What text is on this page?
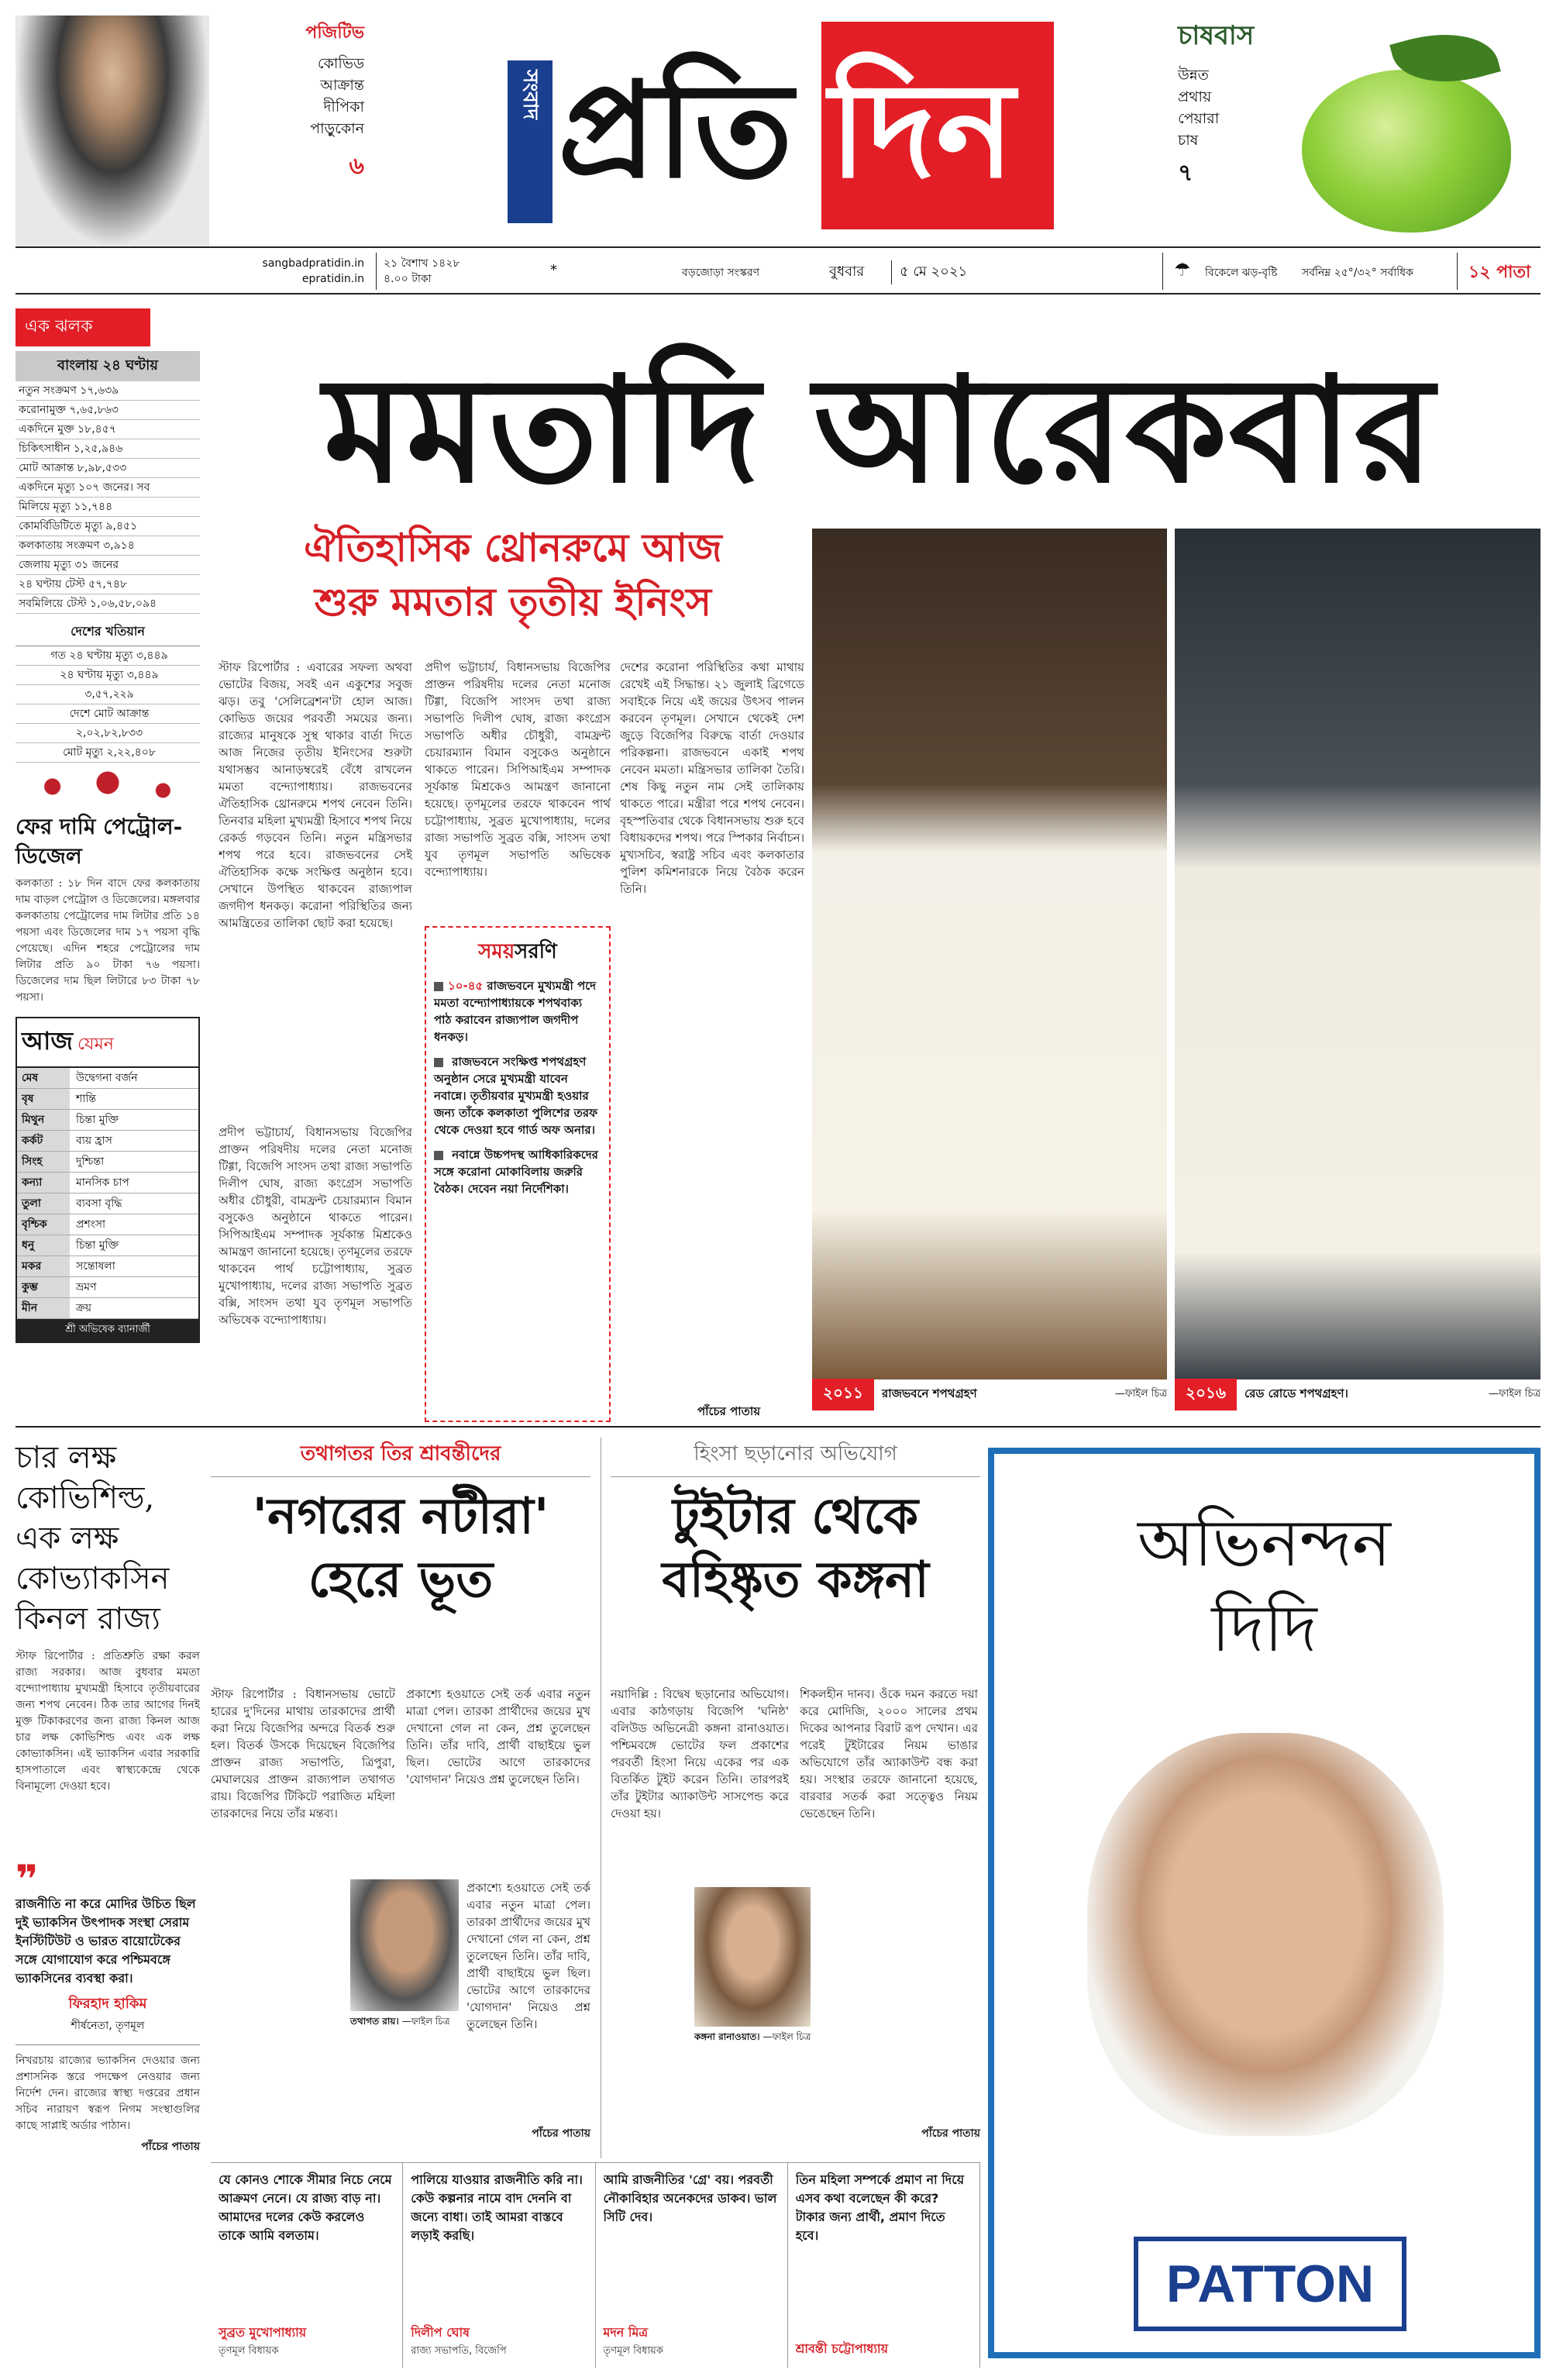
পজিটিভ
কোভিড আক্রান্ত দীপিকা পাড়ুকোন
৬
সংবাদ প্রতি দিন
চাষবাস
উন্নত প্রথায় পেয়ারা চাষ
৭
sangbadpratidin.in
epratidin.in
২১ বৈশাখ ১৪২৮
৪.০০ টাকা
*	বড়জোড়া সংস্করণ	বুধবার	৫ মে ২০২১	☂ বিকেলে ঝড়-বৃষ্টি সর্বনিম্ন ২৫°/৩২° সর্বাধিক	১২ পাতা
এক ঝলক
বাংলায় ২৪ ঘণ্টায়
নতুন সংক্রমণ ১৭,৬৩৯
করোনামুক্ত ৭,৬৫,৮৬৩
একদিনে মুক্ত ১৮,৪৫৭
চিকিৎসাধীন ১,২৫,৯৪৬
মোট আক্রান্ত ৮,৯৮,৫৩৩
একদিনে মৃত্যু ১০৭ জনের। সব
মিলিয়ে মৃত্যু ১১,৭৪৪
কোমর্বিডিটিতে মৃত্যু ৯,৪৫১
কলকাতায় সংক্রমণ ৩,৯১৪
জেলায় মৃত্যু ৩১ জনের
২৪ ঘণ্টায় টেস্ট ৫৭,৭৪৮
সবমিলিয়ে টেস্ট ১,০৬,৫৮,০৯৪
দেশের খতিয়ান
গত ২৪ ঘণ্টায় মৃত্যু ৩,৪৪৯
২৪ ঘণ্টায় মৃত্যু ৩,৪৪৯
৩,৫৭,২২৯
দেশে মোট আক্রান্ত
২,০২,৮২,৮৩৩
মোট মৃত্যু ২,২২,৪০৮
ফের দামি পেট্রোল-ডিজেল
কলকাতা : ১৮ দিন বাদে ফের কলকাতায় দাম বাড়ল পেট্রোল ও ডিজেলের। মঙ্গলবার কলকাতায় পেট্রোলের দাম লিটার প্রতি ১৪ পয়সা এবং ডিজেলের দাম ১৭ পয়সা বৃদ্ধি পেয়েছে। এদিন শহরে পেট্রোলের দাম লিটার প্রতি ৯০ টাকা ৭৬ পয়সা। ডিজেলের দাম ছিল লিটারে ৮৩ টাকা ৭৮ পয়সা।
আজ যেমন
মেষ	উদ্বেগনা বর্জন
বৃষ	শান্তি
মিথুন	চিন্তা মুক্তি
কর্কট	ব্যয় হ্রাস
সিংহ	দুশ্চিন্তা
কন্যা	মানসিক চাপ
তুলা	ব্যবসা বৃদ্ধি
বৃশ্চিক	প্রশংসা
ধনু	চিন্তা মুক্তি
মকর	সন্তোষলা
কুম্ভ	ভ্রমণ
মীন	ক্রয়
শ্রী অভিষেক ব্যানার্জী
মমতাদি আরেকবার
ঐতিহাসিক থ্রোনরুমে আজ
শুরু মমতার তৃতীয় ইনিংস
স্টাফ রিপোর্টার : এবারের সফল্য অথবা ভোটের বিজয়, সবই এন একুশের সবুজ ঝড়। তবু 'সেলিব্রেশন'টা হোল আজ। কোভিড জয়ের পরবর্তী সময়ের জন্য। রাজ্যের মানুষকে সুস্থ থাকার বার্তা দিতে আজ নিজের তৃতীয় ইনিংসের শুরুটা যথাসম্ভব আনাড়ম্বরেই বেঁধে রাখলেন মমতা বন্দ্যোপাধ্যায়। রাজভবনের ঐতিহাসিক থ্রোনরুমে শপথ নেবেন তিনি। তিনবার মহিলা মুখ্যমন্ত্রী হিসাবে শপথ নিয়ে রেকর্ড গড়বেন তিনি। নতুন মন্ত্রিসভার শপথ পরে হবে। রাজভবনের সেই ঐতিহাসিক কক্ষে সংক্ষিপ্ত অনুষ্ঠান হবে। সেখানে উপস্থিত থাকবেন রাজ্যপাল জগদীপ ধনকড়। করোনা পরিস্থিতির জন্য আমন্ত্রিতের তালিকা ছোট করা হয়েছে।
প্রদীপ ভট্টাচার্য, বিধানসভায় বিজেপির প্রাক্তন পরিষদীয় দলের নেতা মনোজ টিগ্গা, বিজেপি সাংসদ তথা রাজ্য সভাপতি দিলীপ ঘোষ, রাজ্য কংগ্রেস সভাপতি অধীর চৌধুরী, বামফ্রন্ট চেয়ারম্যান বিমান বসুকেও অনুষ্ঠানে থাকতে পারেন। সিপিআইএম সম্পাদক সূর্যকান্ত মিশ্রকেও আমন্ত্রণ জানানো হয়েছে। তৃণমূলের তরফে থাকবেন পার্থ চট্টোপাধ্যায়, সুব্রত মুখোপাধ্যায়, দলের রাজ্য সভাপতি সুব্রত বক্সি, সাংসদ তথা যুব তৃণমূল সভাপতি অভিষেক বন্দ্যোপাধ্যায়।
দেশের করোনা পরিস্থিতির কথা মাথায় রেখেই এই সিদ্ধান্ত। ২১ জুলাই ব্রিগেডে সবাইকে নিয়ে এই জয়ের উৎসব পালন করবেন তৃণমূল। সেখানে থেকেই দেশ জুড়ে বিজেপির বিরুদ্ধে বার্তা দেওয়ার পরিকল্পনা। রাজভবনে একাই শপথ নেবেন মমতা। মন্ত্রিসভার তালিকা তৈরি। শেষ কিছু নতুন নাম সেই তালিকায় থাকতে পারে। মন্ত্রীরা পরে শপথ নেবেন। বৃহস্পতিবার থেকে বিধানসভায় শুরু হবে বিধায়কদের শপথ। পরে স্পিকার নির্বাচন। মুখ্যসচিব, স্বরাষ্ট্র সচিব এবং কলকাতার পুলিশ কমিশনারকে নিয়ে বৈঠক করেন তিনি।
প্রদীপ ভট্টাচার্য, বিধানসভায় বিজেপির প্রাক্তন পরিষদীয় দলের নেতা মনোজ টিগ্গা, বিজেপি সাংসদ তথা রাজ্য সভাপতি দিলীপ ঘোষ, রাজ্য কংগ্রেস সভাপতি অধীর চৌধুরী, বামফ্রন্ট চেয়ারম্যান বিমান বসুকেও অনুষ্ঠানে থাকতে পারেন। সিপিআইএম সম্পাদক সূর্যকান্ত মিশ্রকেও আমন্ত্রণ জানানো হয়েছে। তৃণমূলের তরফে থাকবেন পার্থ চট্টোপাধ্যায়, সুব্রত মুখোপাধ্যায়, দলের রাজ্য সভাপতি সুব্রত বক্সি, সাংসদ তথা যুব তৃণমূল সভাপতি অভিষেক বন্দ্যোপাধ্যায়।
সময়সরণি
১০-৪৫ রাজভবনে মুখ্যমন্ত্রী পদে মমতা বন্দ্যোপাধ্যায়কে শপথবাক্য পাঠ করাবেন রাজ্যপাল জগদীপ ধনকড়।
রাজভবনে সংক্ষিপ্ত শপথগ্রহণ অনুষ্ঠান সেরে মুখ্যমন্ত্রী যাবেন নবান্নে। তৃতীয়বার মুখ্যমন্ত্রী হওয়ার জন্য তাঁকে কলকাতা পুলিশের তরফ থেকে দেওয়া হবে গার্ড অফ অনার।
নবান্নে উচ্চপদস্থ আধিকারিকদের সঙ্গে করোনা মোকাবিলায় জরুরি বৈঠক। দেবেন নয়া নির্দেশিকা।
পাঁচের পাতায়
২০১১	রাজভবনে শপথগ্রহণ	—ফাইল চিত্র	২০১৬	রেড রোডে শপথগ্রহণ।	—ফাইল চিত্র
চার লক্ষ কোভিশিল্ড, এক লক্ষ কোভ্যাকসিন কিনল রাজ্য
স্টাফ রিপোর্টার : প্রতিশ্রুতি রক্ষা করল রাজ্য সরকার। আজ বুধবার মমতা বন্দ্যোপাধ্যায় মুখ্যমন্ত্রী হিসাবে তৃতীয়বারের জন্য শপথ নেবেন। ঠিক তার আগের দিনই মুক্ত টিকাকরণের জন্য রাজ্য কিনল আজ চার লক্ষ কোভিশিল্ড এবং এক লক্ষ কোভ্যাকসিন। এই ভ্যাকসিন এবার সরকারি হাসপাতালে এবং স্বাস্থ্যকেন্দ্রে থেকে বিনামূল্যে দেওয়া হবে।
❞
রাজনীতি না করে মোদির উচিত ছিল দুই ভ্যাকসিন উৎপাদক সংস্থা সেরাম ইনস্টিটিউট ও ভারত বায়োটেকের সঙ্গে যোগাযোগ করে পশ্চিমবঙ্গে ভ্যাকসিনের ব্যবস্থা করা।
ফিরহাদ হাকিম
শীর্ষনেতা, তৃণমূল
নিখরচায় রাজ্যের ভ্যাকসিন দেওয়ার জন্য প্রশাসনিক স্তরে পদক্ষেপ নেওয়ার জন্য নির্দেশ দেন। রাজ্যের স্বাস্থ্য দপ্তরের প্রধান সচিব নারায়ণ স্বরূপ নিগম সংস্থাগুলির কাছে সাপ্লাই অর্ডার পাঠান।
পাঁচের পাতায়
তথাগতর তির শ্রাবন্তীদের
'নগরের নটীরা'
হেরে ভূত
স্টাফ রিপোর্টার : বিধানসভায় ভোটে হারের দু'দিনের মাথায় তারকাদের প্রার্থী করা নিয়ে বিজেপির অন্দরে বিতর্ক শুরু হল। বিতর্ক উসকে দিয়েছেন বিজেপির প্রাক্তন রাজ্য সভাপতি, ত্রিপুরা, মেঘালয়ের প্রাক্তন রাজ্যপাল তথাগত রায়। বিজেপির টিকিটে পরাজিত মহিলা তারকাদের নিয়ে তাঁর মন্তব্য।
প্রকাশ্যে হওয়াতে সেই তর্ক এবার নতুন মাত্রা পেল। তারকা প্রার্থীদের জয়ের মুখ দেখানো গেল না কেন, প্রশ্ন তুলেছেন তিনি। তাঁর দাবি, প্রার্থী বাছাইয়ে ভুল ছিল। ভোটের আগে তারকাদের 'যোগদান' নিয়েও প্রশ্ন তুলেছেন তিনি।
তথাগত রায়। —ফাইল চিত্র
প্রকাশ্যে হওয়াতে সেই তর্ক এবার নতুন মাত্রা পেল। তারকা প্রার্থীদের জয়ের মুখ দেখানো গেল না কেন, প্রশ্ন তুলেছেন তিনি। তাঁর দাবি, প্রার্থী বাছাইয়ে ভুল ছিল। ভোটের আগে তারকাদের 'যোগদান' নিয়েও প্রশ্ন তুলেছেন তিনি।
পাঁচের পাতায়
হিংসা ছড়ানোর অভিযোগ
টুইটার থেকে
বহিষ্কৃত কঙ্গনা
নয়াদিল্লি : বিদ্বেষ ছড়ানোর অভিযোগ। এবার কাঠগড়ায় বিজেপি 'ঘনিষ্ঠ' বলিউড অভিনেত্রী কঙ্গনা রানাওয়াত। পশ্চিমবঙ্গে ভোটের ফল প্রকাশের পরবর্তী হিংসা নিয়ে একের পর এক বিতর্কিত টুইট করেন তিনি। তারপরই তাঁর টুইটার অ্যাকাউন্ট সাসপেন্ড করে দেওয়া হয়।
শিকলহীন দানব। ওঁকে দমন করতে দয়া করে মোদিজি, ২০০০ সালের প্রথম দিকের আপনার বিরাট রূপ দেখান। এর পরেই টুইটারের নিয়ম ভাঙার অভিযোগে তাঁর অ্যাকাউন্ট বন্ধ করা হয়। সংস্থার তরফে জানানো হয়েছে, বারবার সতর্ক করা সত্ত্বেও নিয়ম ভেঙেছেন তিনি।
কঙ্গনা রানাওয়াত। —ফাইল চিত্র
পাঁচের পাতায়
অভিনন্দন
দিদি
PATTON
যে কোনও শোকে সীমার নিচে নেমে আক্রমণ নেনে। যে রাজ্য বাড় না। আমাদের দলের কেউ করলেও তাকে আমি বলতাম।
সুব্রত মুখোপাধ্যায়
তৃণমূল বিধায়ক
পালিয়ে যাওয়ার রাজনীতি করি না। কেউ কল্পনার নামে বাদ দেননি বা জন্যে বাধা। তাই আমরা বাস্তবে লড়াই করছি।
দিলীপ ঘোষ
রাজ্য সভাপতি, বিজেপি
আমি রাজনীতির 'গ্রে' বয়। পরবর্তী নৌকাবিহার অনেকদের ডাকব। ভাল সিটি দেব।
মদন মিত্র
তৃণমূল বিধায়ক
তিন মহিলা সম্পর্কে প্রমাণ না দিয়ে এসব কথা বলেছেন কী করে? টাকার জন্য প্রার্থী, প্রমাণ দিতে হবে।
শ্রাবন্তী চট্টোপাধ্যায়
